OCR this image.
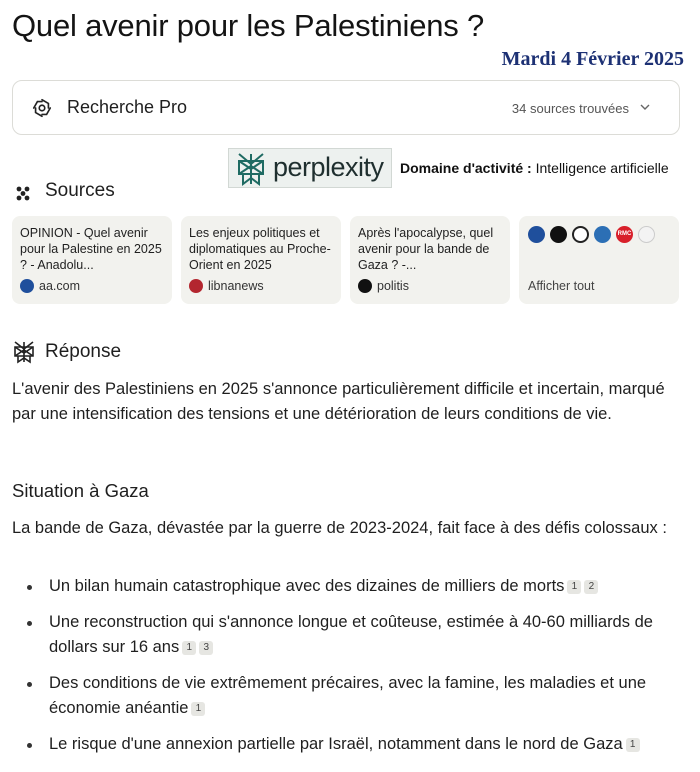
Quel avenir pour les Palestiniens ?
Mardi 4 Février 2025
Recherche Pro	34 sources trouvées
perplexity Domaine d'activité : Intelligence artificielle
Sources
OPINION - Quel avenir pour la Palestine en 2025 ? - Anadolu...
aa.com
Les enjeux politiques et diplomatiques au Proche-Orient en 2025
libnanews
Après l'apocalypse, quel avenir pour la bande de Gaza ? -...
politis
RMC
Afficher tout
Réponse
L'avenir des Palestiniens en 2025 s'annonce particulièrement difficile et incertain, marqué par une intensification des tensions et une détérioration de leurs conditions de vie.
Situation à Gaza
La bande de Gaza, dévastée par la guerre de 2023-2024, fait face à des défis colossaux :
Un bilan humain catastrophique avec des dizaines de milliers de morts 1 2
Une reconstruction qui s'annonce longue et coûteuse, estimée à 40-60 milliards de dollars sur 16 ans 1 3
Des conditions de vie extrêmement précaires, avec la famine, les maladies et une économie anéantie 1
Le risque d'une annexion partielle par Israël, notamment dans le nord de Gaza 1
